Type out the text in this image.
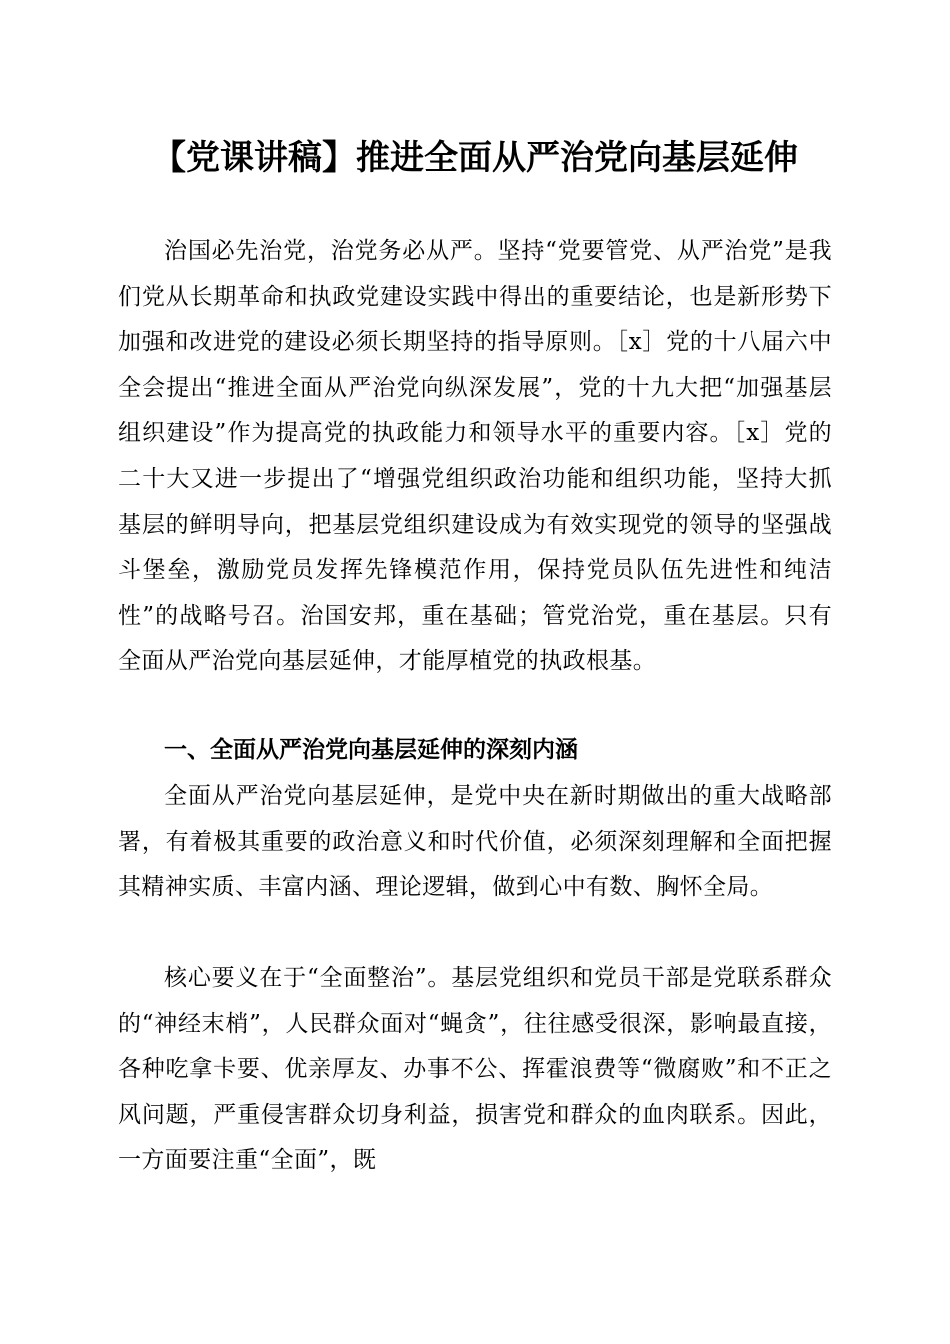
【党课讲稿】推进全面从严治党向基层延伸

治国必先治党，治党务必从严。坚持“党要管党、从严治党”是我们党从长期革命和执政党建设实践中得出的重要结论，也是新形势下加强和改进党的建设必须长期坚持的指导原则。［x］党的十八届六中全会提出“推进全面从严治党向纵深发展”，党的十九大把“加强基层组织建设”作为提高党的执政能力和领导水平的重要内容。［x］党的二十大又进一步提出了“增强党组织政治功能和组织功能，坚持大抓基层的鲜明导向，把基层党组织建设成为有效实现党的领导的坚强战斗堡垒，激励党员发挥先锋模范作用，保持党员队伍先进性和纯洁性”的战略号召。治国安邦，重在基础；管党治党，重在基层。只有全面从严治党向基层延伸，才能厚植党的执政根基。

一、全面从严治党向基层延伸的深刻内涵

全面从严治党向基层延伸，是党中央在新时期做出的重大战略部署，有着极其重要的政治意义和时代价值，必须深刻理解和全面把握其精神实质、丰富内涵、理论逻辑，做到心中有数、胸怀全局。

核心要义在于“全面整治”。基层党组织和党员干部是党联系群众的“神经末梢”，人民群众面对“蝇贪”，往往感受很深，影响最直接，各种吃拿卡要、优亲厚友、办事不公、挥霍浪费等“微腐败”和不正之风问题，严重侵害群众切身利益，损害党和群众的血肉联系。因此，一方面要注重“全面”，既
